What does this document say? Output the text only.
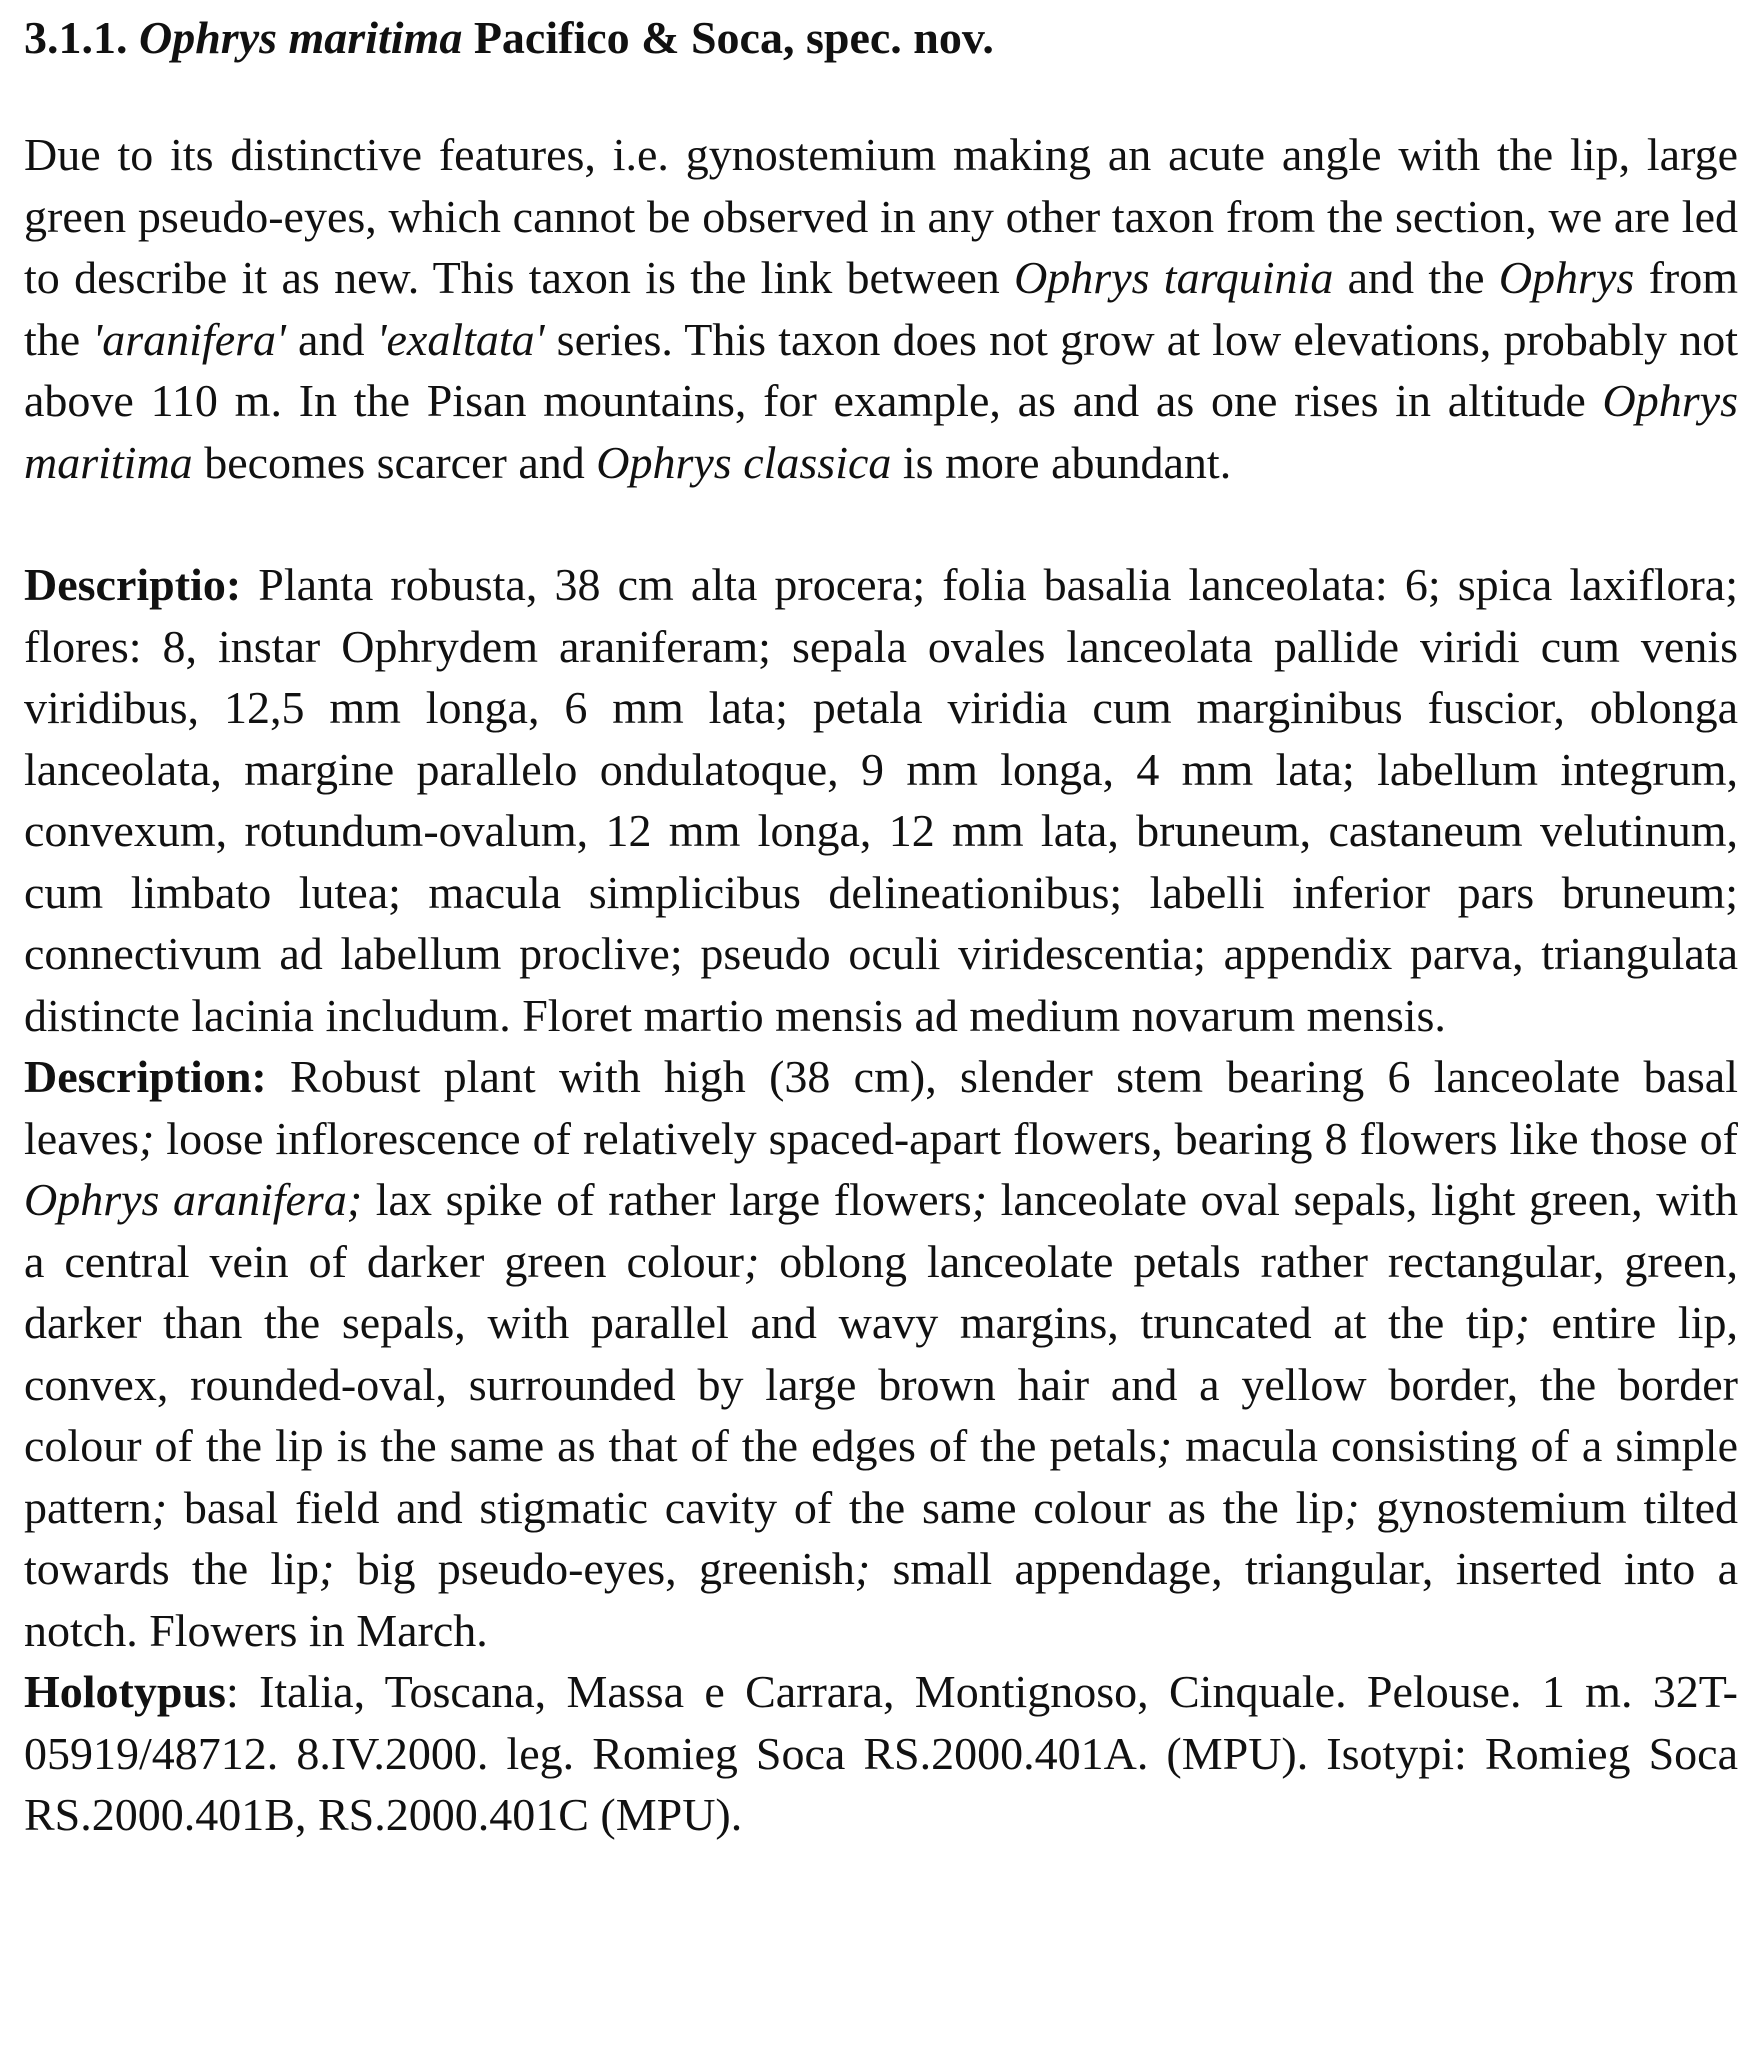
3.1.1. Ophrys maritima Pacifico & Soca, spec. nov.

Due to its distinctive features, i.e. gynostemium making an acute angle with the lip, large green pseudo-eyes, which cannot be observed in any other taxon from the section, we are led to describe it as new. This taxon is the link between Ophrys tarquinia and the Ophrys from the 'aranifera' and 'exaltata' series. This taxon does not grow at low elevations, probably not above 110 m. In the Pisan mountains, for example, as and as one rises in altitude Ophrys maritima becomes scarcer and Ophrys classica is more abundant.

Descriptio: Planta robusta, 38 cm alta procera; folia basalia lanceolata: 6; spica laxiflora; flores: 8, instar Ophrydem araniferam; sepala ovales lanceolata pallide viridi cum venis viridibus, 12,5 mm longa, 6 mm lata; petala viridia cum marginibus fuscior, oblonga lanceolata, margine parallelo ondulatoque, 9 mm longa, 4 mm lata; labellum integrum, convexum, rotundum-ovalum, 12 mm longa, 12 mm lata, bruneum, castaneum velutinum, cum limbato lutea; macula simplicibus delineationibus; labelli inferior pars bruneum; connectivum ad labellum proclive; pseudo oculi viridescentia; appendix parva, triangulata distincte lacinia includum. Floret martio mensis ad medium novarum mensis.

Description: Robust plant with high (38 cm), slender stem bearing 6 lanceolate basal leaves; loose inflorescence of relatively spaced-apart flowers, bearing 8 flowers like those of Ophrys aranifera; lax spike of rather large flowers; lanceolate oval sepals, light green, with a central vein of darker green colour; oblong lanceolate petals rather rectangular, green, darker than the sepals, with parallel and wavy margins, truncated at the tip; entire lip, convex, rounded-oval, surrounded by large brown hair and a yellow border, the border colour of the lip is the same as that of the edges of the petals; macula consisting of a simple pattern; basal field and stigmatic cavity of the same colour as the lip; gynostemium tilted towards the lip; big pseudo-eyes, greenish; small appendage, triangular, inserted into a notch. Flowers in March.

Holotypus: Italia, Toscana, Massa e Carrara, Montignoso, Cinquale. Pelouse. 1 m. 32T-05919/48712. 8.IV.2000. leg. Romieg Soca RS.2000.401A. (MPU). Isotypi: Romieg Soca RS.2000.401B, RS.2000.401C (MPU).
